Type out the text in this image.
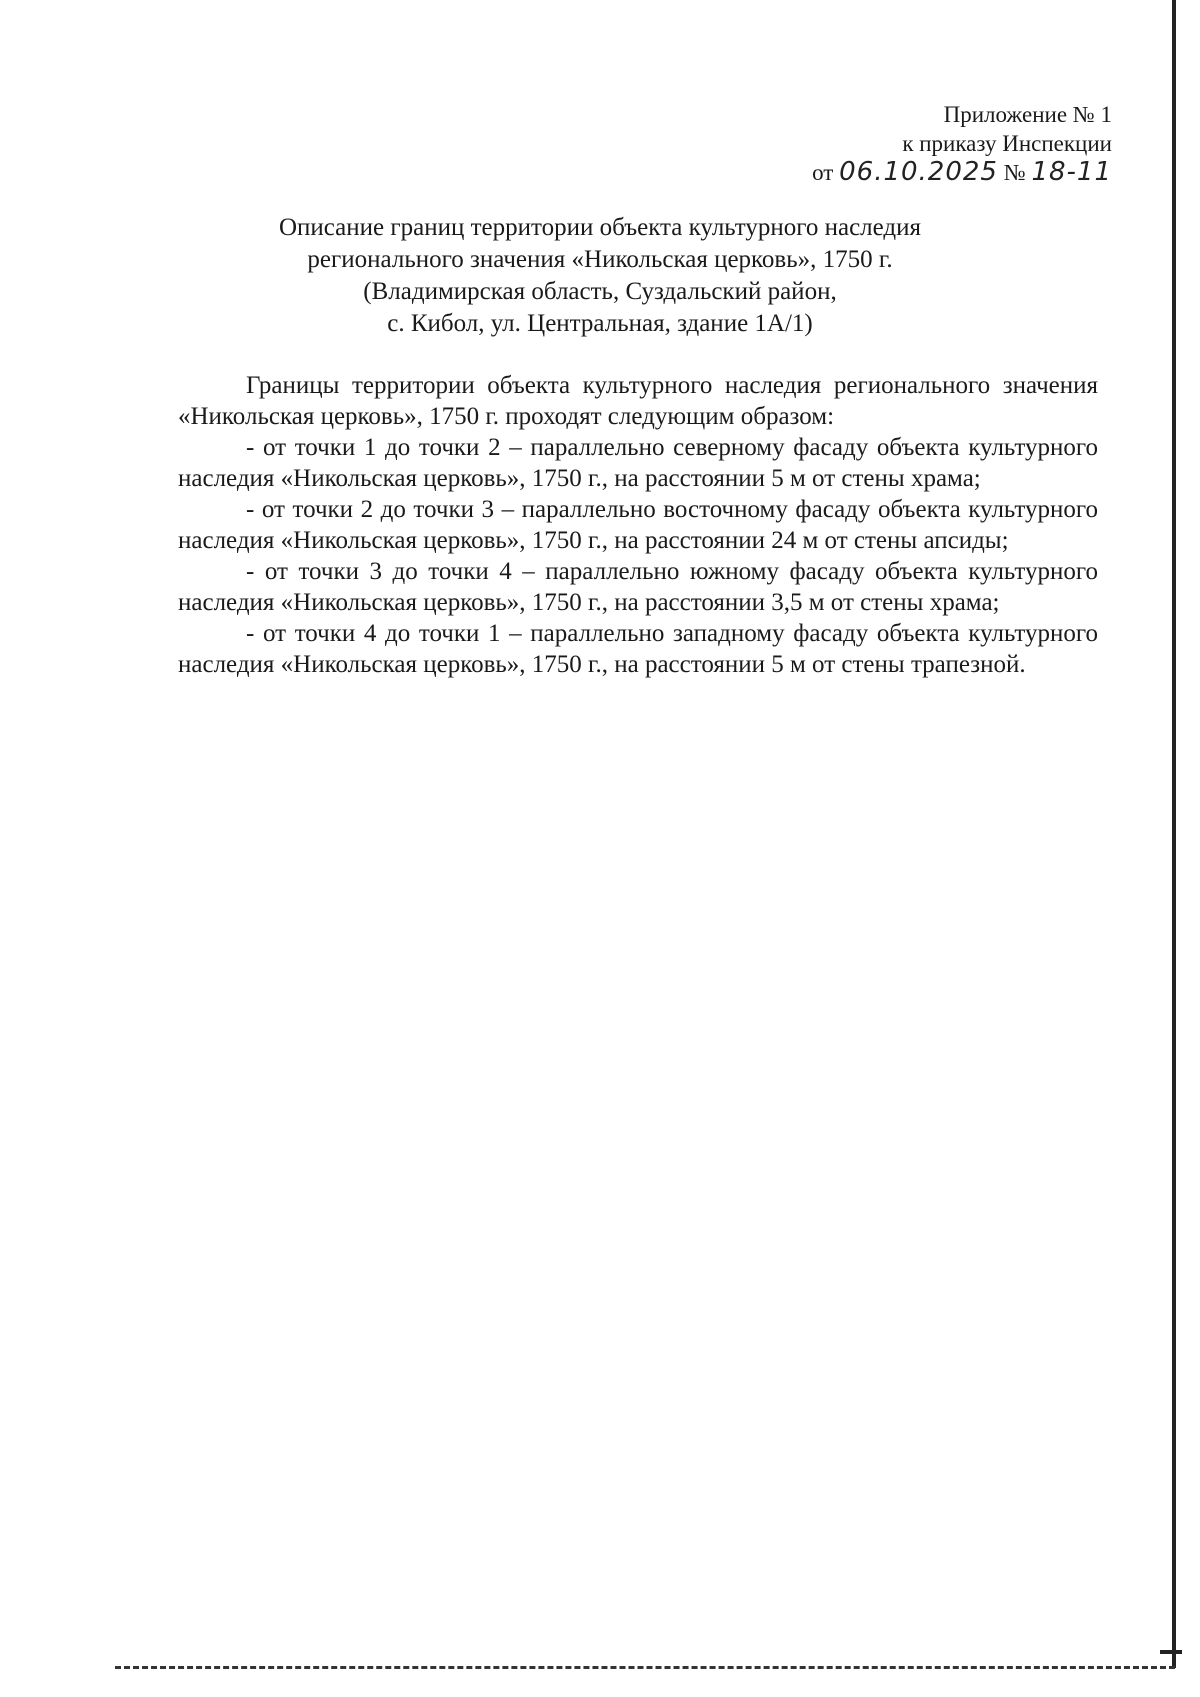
Приложение № 1
к приказу Инспекции
от 06.10.2025 № 18-11
Описание границ территории объекта культурного наследия
регионального значения «Никольская церковь», 1750 г.
(Владимирская область, Суздальский район,
с. Кибол, ул. Центральная, здание 1А/1)

Границы территории объекта культурного наследия регионального значения «Никольская церковь», 1750 г. проходят следующим образом:

- от точки 1 до точки 2 – параллельно северному фасаду объекта культурного наследия «Никольская церковь», 1750 г., на расстоянии 5 м от стены храма;

- от точки 2 до точки 3 – параллельно восточному фасаду объекта культурного наследия «Никольская церковь», 1750 г., на расстоянии 24 м от стены апсиды;

- от точки 3 до точки 4 – параллельно южному фасаду объекта культурного наследия «Никольская церковь», 1750 г., на расстоянии 3,5 м от стены храма;

- от точки 4 до точки 1 – параллельно западному фасаду объекта культурного наследия «Никольская церковь», 1750 г., на расстоянии 5 м от стены трапезной.
